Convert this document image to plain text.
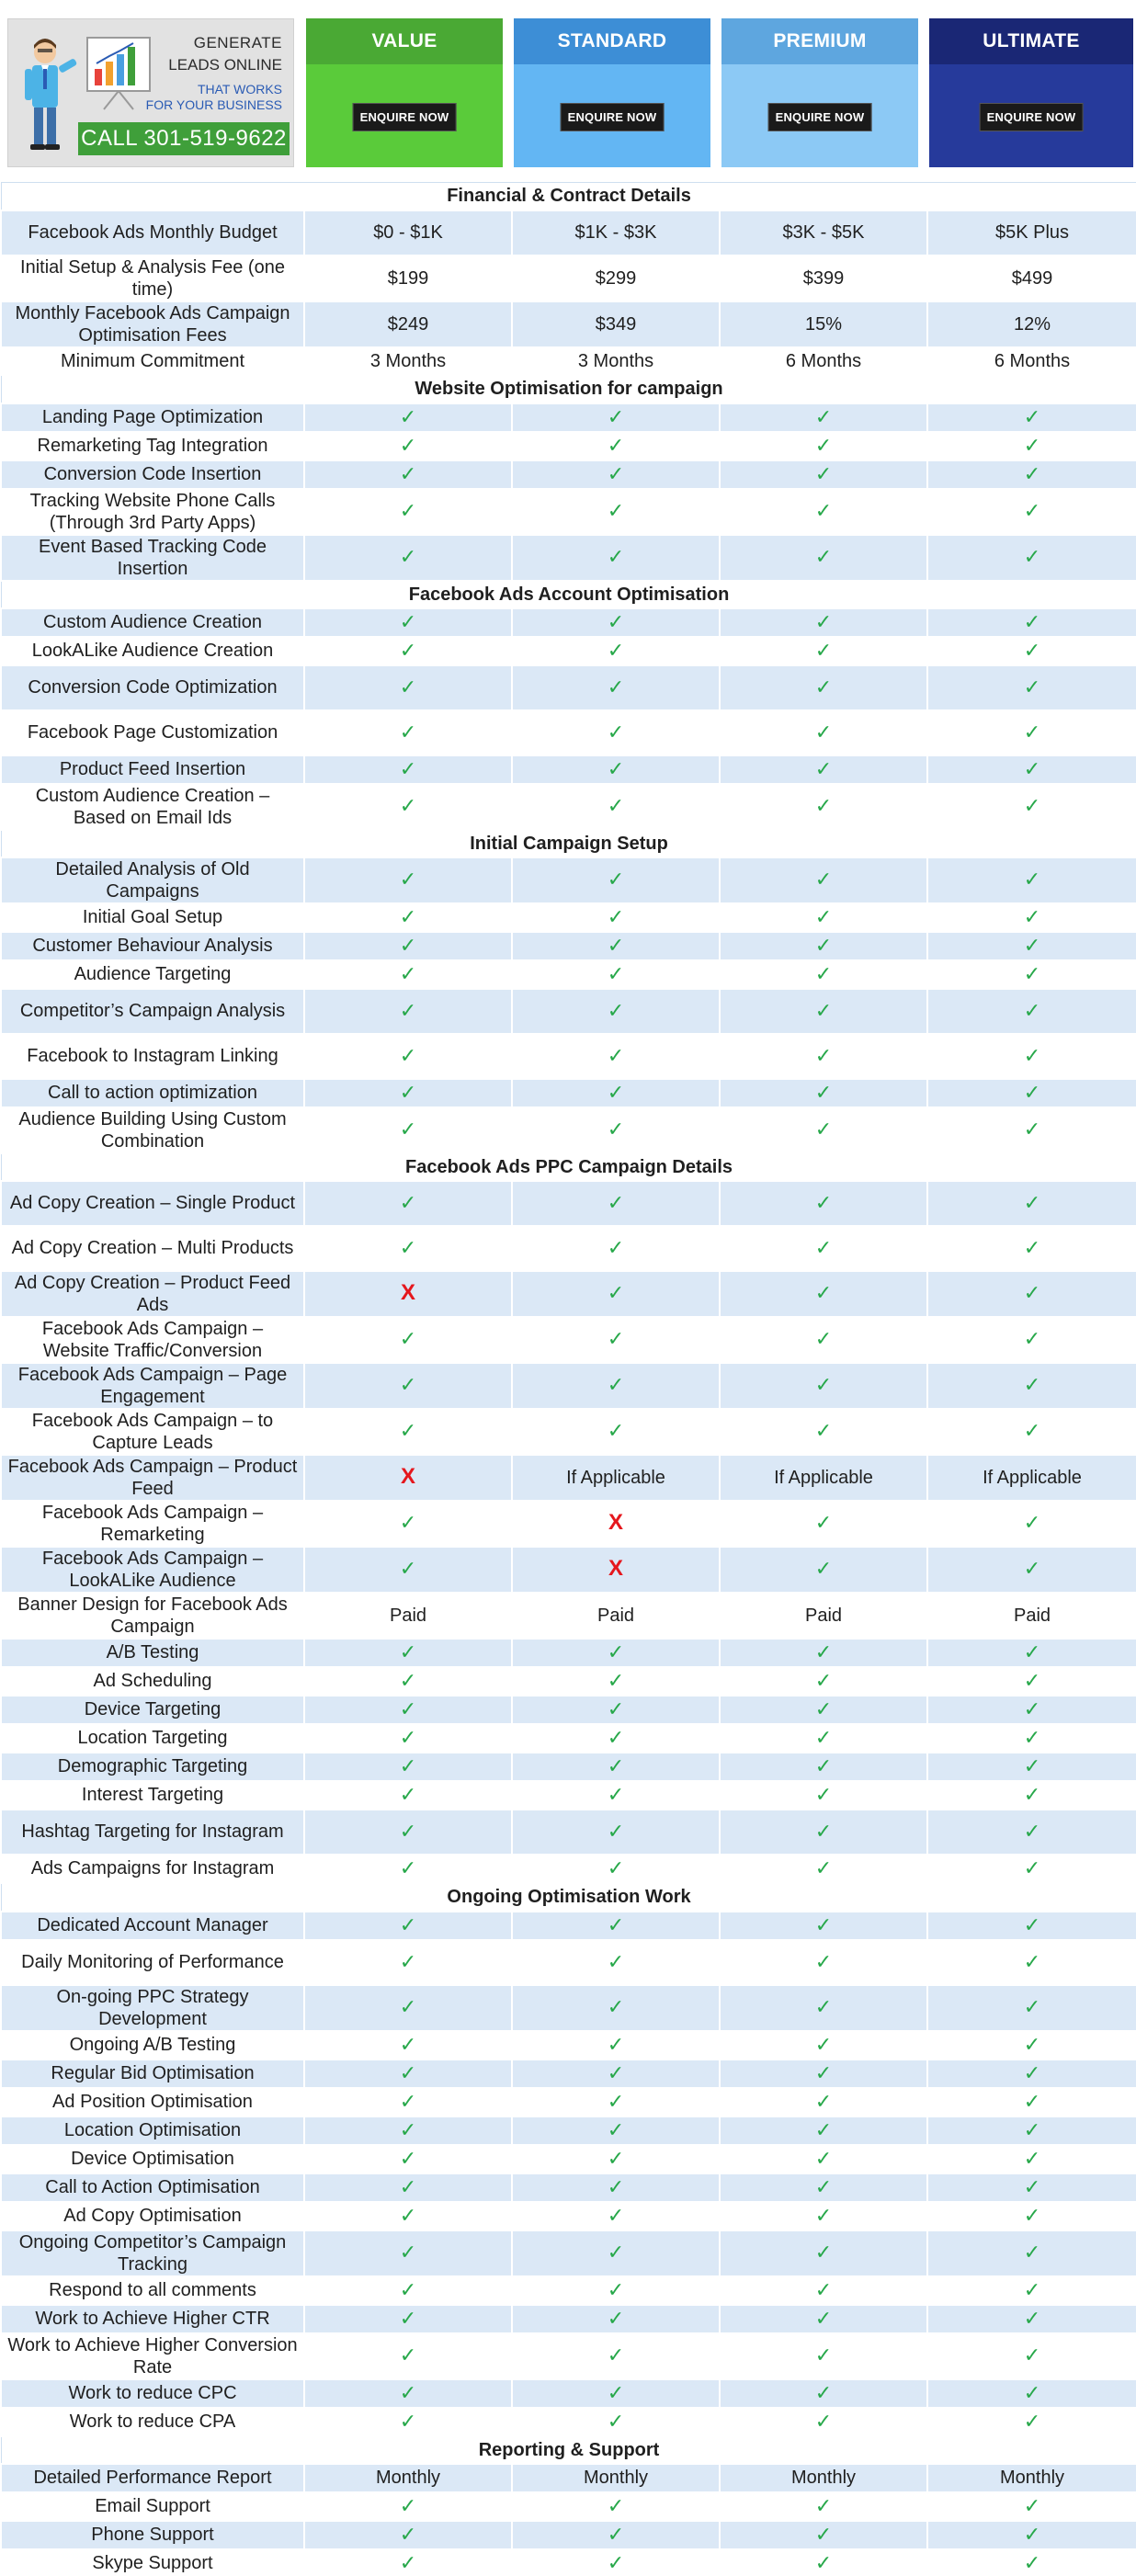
GENERATE
LEADS ONLINE
THAT WORKS
FOR YOUR BUSINESS
CALL 301-519-9622
VALUE
ENQUIRE NOW
STANDARD
ENQUIRE NOW
PREMIUM
ENQUIRE NOW
ULTIMATE
ENQUIRE NOW
Financial & Contract Details				
Facebook Ads Monthly Budget	$0 - $1K	$1K - $3K	$3K - $5K	$5K Plus
Initial Setup & Analysis Fee (one time)	$199	$299	$399	$499
Monthly Facebook Ads Campaign Optimisation Fees	$249	$349	15%	12%
Minimum Commitment	3 Months	3 Months	6 Months	6 Months
Website Optimisation for campaign				
Landing Page Optimization	✓	✓	✓	✓
Remarketing Tag Integration	✓	✓	✓	✓
Conversion Code Insertion	✓	✓	✓	✓
Tracking Website Phone Calls (Through 3rd Party Apps)	✓	✓	✓	✓
Event Based Tracking Code Insertion	✓	✓	✓	✓
Facebook Ads Account Optimisation				
Custom Audience Creation	✓	✓	✓	✓
LookALike Audience Creation	✓	✓	✓	✓
Conversion Code Optimization	✓	✓	✓	✓
Facebook Page Customization	✓	✓	✓	✓
Product Feed Insertion	✓	✓	✓	✓
Custom Audience Creation – Based on Email Ids	✓	✓	✓	✓
Initial Campaign Setup				
Detailed Analysis of Old Campaigns	✓	✓	✓	✓
Initial Goal Setup	✓	✓	✓	✓
Customer Behaviour Analysis	✓	✓	✓	✓
Audience Targeting	✓	✓	✓	✓
Competitor’s Campaign Analysis	✓	✓	✓	✓
Facebook to Instagram Linking	✓	✓	✓	✓
Call to action optimization	✓	✓	✓	✓
Audience Building Using Custom Combination	✓	✓	✓	✓
Facebook Ads PPC Campaign Details				
Ad Copy Creation – Single Product	✓	✓	✓	✓
Ad Copy Creation – Multi Products	✓	✓	✓	✓
Ad Copy Creation – Product Feed Ads	X	✓	✓	✓
Facebook Ads Campaign – Website Traffic/Conversion	✓	✓	✓	✓
Facebook Ads Campaign – Page Engagement	✓	✓	✓	✓
Facebook Ads Campaign – to Capture Leads	✓	✓	✓	✓
Facebook Ads Campaign – Product Feed	X	If Applicable	If Applicable	If Applicable
Facebook Ads Campaign – Remarketing	✓	X	✓	✓
Facebook Ads Campaign – LookALike Audience	✓	X	✓	✓
Banner Design for Facebook Ads Campaign	Paid	Paid	Paid	Paid
A/B Testing	✓	✓	✓	✓
Ad Scheduling	✓	✓	✓	✓
Device Targeting	✓	✓	✓	✓
Location Targeting	✓	✓	✓	✓
Demographic Targeting	✓	✓	✓	✓
Interest Targeting	✓	✓	✓	✓
Hashtag Targeting for Instagram	✓	✓	✓	✓
Ads Campaigns for Instagram	✓	✓	✓	✓
Ongoing Optimisation Work				
Dedicated Account Manager	✓	✓	✓	✓
Daily Monitoring of Performance	✓	✓	✓	✓
On-going PPC Strategy Development	✓	✓	✓	✓
Ongoing A/B Testing	✓	✓	✓	✓
Regular Bid Optimisation	✓	✓	✓	✓
Ad Position Optimisation	✓	✓	✓	✓
Location Optimisation	✓	✓	✓	✓
Device Optimisation	✓	✓	✓	✓
Call to Action Optimisation	✓	✓	✓	✓
Ad Copy Optimisation	✓	✓	✓	✓
Ongoing Competitor’s Campaign Tracking	✓	✓	✓	✓
Respond to all comments	✓	✓	✓	✓
Work to Achieve Higher CTR	✓	✓	✓	✓
Work to Achieve Higher Conversion Rate	✓	✓	✓	✓
Work to reduce CPC	✓	✓	✓	✓
Work to reduce CPA	✓	✓	✓	✓
Reporting & Support				
Detailed Performance Report	Monthly	Monthly	Monthly	Monthly
Email Support	✓	✓	✓	✓
Phone Support	✓	✓	✓	✓
Skype Support	✓	✓	✓	✓
